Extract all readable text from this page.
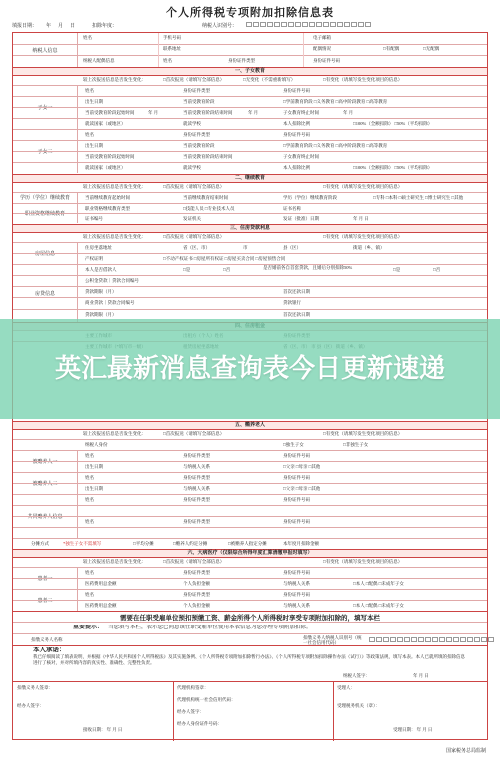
个人所得税专项附加扣除信息表
填报日期： 年 月 日	扣除年度：	纳税人识别号：
纳税人信息
姓名	手机号码	电子邮箱
联系地址	配偶情况	□有配偶	□无配偶
纳税人配偶信息	姓名	身份证件类型	身份证件号码
一、子女教育
较上次报送信息是否发生变化：	□首次报送（请填写全部信息）	□无变化（不需重新填写）	□有变化（请填写发生变化项目的信息）
子女一
姓名	身份证件类型	身份证件号码
出生日期	当前受教育阶段	□学前教育阶段 □义务教育 □高中阶段教育 □高等教育
当前受教育阶段起始时间	年 月	当前受教育阶段结束时间	年 月	子女教育终止时间	年 月
就读国家（或地区）	就读学校	本人扣除比例	□100%（全额扣除） □50%（平均扣除）
子女二
姓名	身份证件类型	身份证件号码
出生日期	当前受教育阶段	□学前教育阶段 □义务教育 □高中阶段教育 □高等教育
当前受教育阶段起始时间	当前受教育阶段结束时间	子女教育终止时间
就读国家（或地区）	就读学校	本人扣除比例	□100%（全额扣除） □50%（平均扣除）
二、继续教育
较上次报送信息是否发生变化：	□首次报送（请填写全部信息）	□有变化（请填写发生变化项目的信息）
学历（学位）继续教育	当前继续教育起始时间	当前继续教育结束时间	学历（学位）继续教育阶段	□专科 □本科 □硕士研究生 □博士研究生 □其他
职业资格继续教育
职业资格继续教育类型	□技能人员 □专业技术人员	证书名称
证书编号	发证机关	发证（批准）日期	年 月 日
三、住房贷款利息
较上次报送信息是否发生变化：	□首次报送（请填写全部信息）	□有变化（请填写发生变化项目的信息）
房屋信息
住房坐落地址	省（区、市）	市	县（区）	街道（乡、镇）
产权证明	□不动产权证书 □房屋所有权证 □房屋买卖合同 □房屋预售合同
房贷信息
本人是否借款人	□是	□否	是否婚前各自首套贷款，且婚后分别扣除50%	□是	□否
公积金贷款｜贷款合同编号
贷款期限（月）	首次还款日期
商业贷款｜贷款合同编号	贷款银行
贷款期限（月）	首次还款日期
五、赡养老人
较上次报送信息是否发生变化：	□首次报送（请填写全部信息）	□有变化（请填写发生变化项目的信息）
纳税人身份	□独生子女	□非独生子女
被赡养人一
姓名	身份证件类型	身份证件号码
出生日期	与纳税人关系	□父亲 □母亲 □其他
被赡养人二
姓名	身份证件类型	身份证件号码
出生日期	与纳税人关系	□父亲 □母亲 □其他
共同赡养人信息
姓名	身份证件类型	身份证件号码
姓名	身份证件类型	身份证件号码
分摊方式	*独生子女不需填写	□平均分摊	□赡养人约定分摊	□被赡养人指定分摊	本年度月扣除金额
六、大病医疗（仅限综合所得年度汇算清缴申报时填写）
较上次报送信息是否发生变化：	□首次报送（请填写全部信息）	□有变化（请填写发生变化项目的信息）
患者一
姓名	身份证件类型	身份证件号码
医药费用总金额	个人负担金额	与纳税人关系	□本人 □配偶 □未成年子女
患者二
姓名	身份证件类型	身份证件号码
医药费用总金额	个人负担金额	与纳税人关系	□本人 □配偶 □未成年子女
需要在任职受雇单位预扣预缴工资、薪金所得个人所得税时享受专项附加扣除的，填写本栏
重要提示： 当您填写本栏，表示您已同意该任职受雇单位使用本表信息为您办理专项附加扣除。
扣缴义务人名称	扣缴义务人纳税人识别号（统一社会信用代码）
本人承诺：
我已仔细阅读了填表说明，并根据《中华人民共和国个人所得税法》及其实施条例、《个人所得税专项附加扣除暂行办法》、《个人所得税专项附加扣除操作办法（试行）》等政策法规，填写本表。本人已就所填的扣除信息进行了核对，并对所填内容的真实性、准确性、完整性负责。
纳税人签字：	年 月 日
扣缴义务人签章：
经办人签字：
接收日期： 年 月 日
代理机构签章：
代理机构统一社会信用代码：
经办人签字：
经办人身份证件号码：
受理人：
受理税务机关（章）：
受理日期： 年 月 日
国家税务总局监制
英汇最新消息查询表今日更新速递
